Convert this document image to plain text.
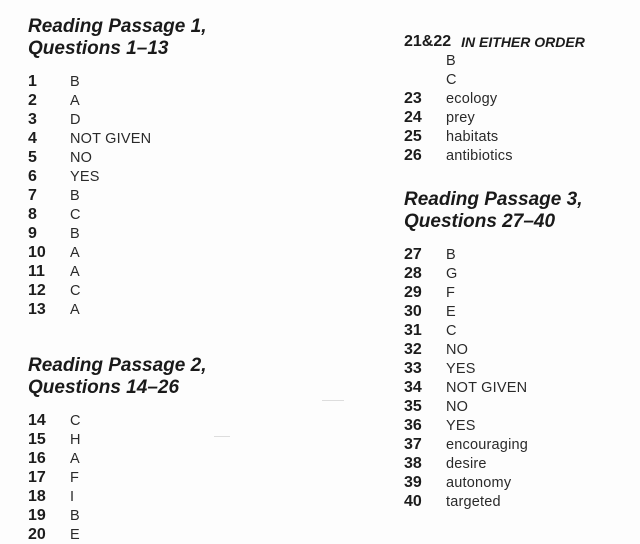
Reading Passage 1,
Questions 1–13
1	B
2	A
3	D
4	NOT GIVEN
5	NO
6	YES
7	B
8	C
9	B
10	A
11	A
12	C
13	A
Reading Passage 2,
Questions 14–26
14	C
15	H
16	A
17	F
18	I
19	B
20	E
21&22 IN EITHER ORDER
B
C
23	ecology
24	prey
25	habitats
26	antibiotics
Reading Passage 3,
Questions 27–40
27	B
28	G
29	F
30	E
31	C
32	NO
33	YES
34	NOT GIVEN
35	NO
36	YES
37	encouraging
38	desire
39	autonomy
40	targeted
